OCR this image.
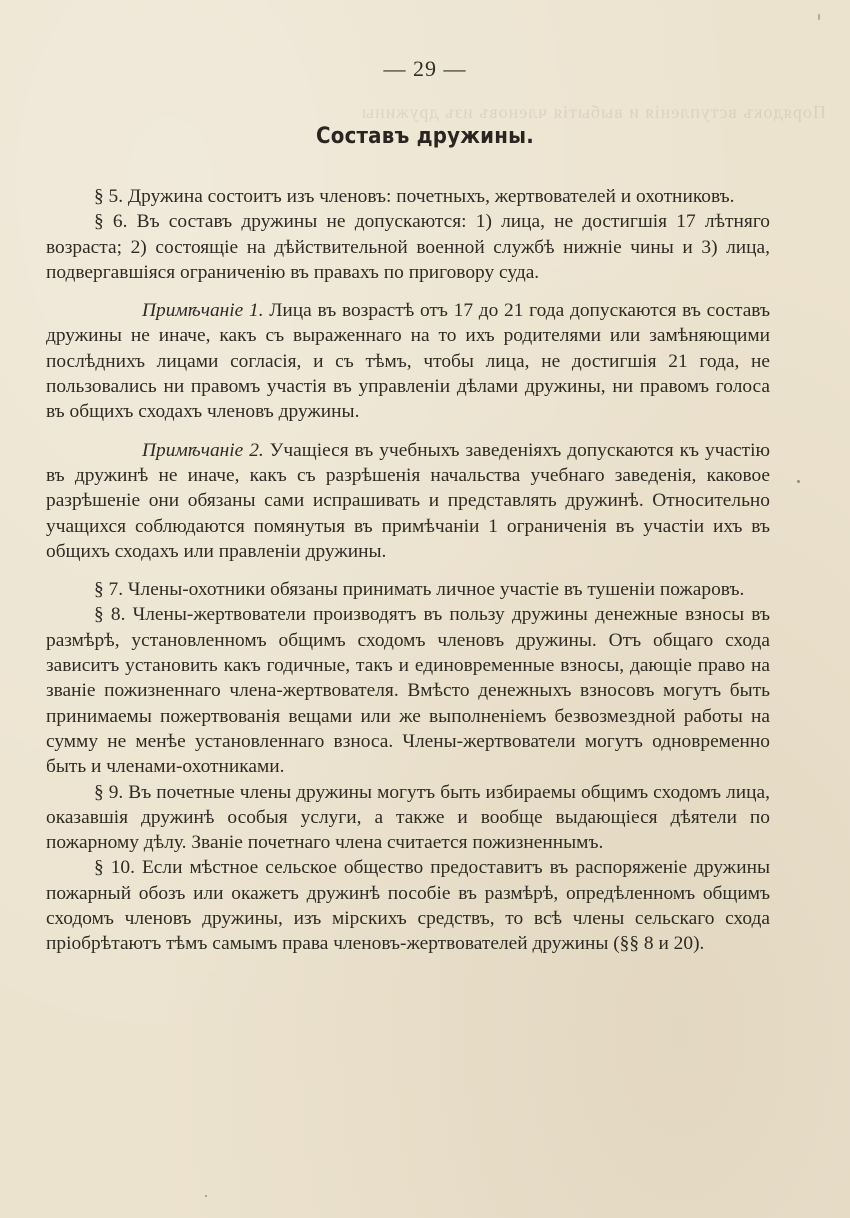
Порядокъ вступленія и выбытія членовъ изъ дружины
— 29 —
Составъ дружины.

§ 5. Дружина состоитъ изъ членовъ: почетныхъ, жертвователей и охотниковъ.

§ 6. Въ составъ дружины не допускаются: 1) лица, не достигшія 17 лѣтняго возраста; 2) состоящіе на дѣйствительной военной службѣ нижніе чины и 3) лица, подвергавшіяся ограниченію въ правахъ по приговору суда.

Примѣчаніе 1. Лица въ возрастѣ отъ 17 до 21 года допускаются въ составъ дружины не иначе, какъ съ выраженнаго на то ихъ родителями или замѣняющими послѣднихъ лицами согласія, и съ тѣмъ, чтобы лица, не достигшія 21 года, не пользовались ни правомъ участія въ управленіи дѣлами дружины, ни правомъ голоса въ общихъ сходахъ членовъ дружины.

Примѣчаніе 2. Учащіеся въ учебныхъ заведеніяхъ допускаются къ участію въ дружинѣ не иначе, какъ съ разрѣшенія начальства учебнаго заведенія, каковое разрѣшеніе они обязаны сами испрашивать и представлять дружинѣ. Относительно учащихся соблюдаются помянутыя въ примѣчаніи 1 ограниченія въ участіи ихъ въ общихъ сходахъ или правленіи дружины.

§ 7. Члены-охотники обязаны принимать личное участіе въ тушеніи пожаровъ.

§ 8. Члены-жертвователи производятъ въ пользу дружины денежные взносы въ размѣрѣ, установленномъ общимъ сходомъ членовъ дружины. Отъ общаго схода зависитъ установить какъ годичные, такъ и единовременные взносы, дающіе право на званіе пожизненнаго члена-жертвователя. Вмѣсто денежныхъ взносовъ могутъ быть принимаемы пожертвованія вещами или же выполненіемъ безвозмездной работы на сумму не менѣе установленнаго взноса. Члены-жертвователи могутъ одновременно быть и членами-охотниками.

§ 9. Въ почетные члены дружины могутъ быть избираемы общимъ сходомъ лица, оказавшія дружинѣ особыя услуги, а также и вообще выдающіеся дѣятели по пожарному дѣлу. Званіе почетнаго члена считается пожизненнымъ.

§ 10. Если мѣстное сельское общество предоставитъ въ распоряженіе дружины пожарный обозъ или окажетъ дружинѣ пособіе въ размѣрѣ, опредѣленномъ общимъ сходомъ членовъ дружины, изъ мірскихъ средствъ, то всѣ члены сельскаго схода пріобрѣтаютъ тѣмъ самымъ права членовъ-жертвователей дружины (§§ 8 и 20).
